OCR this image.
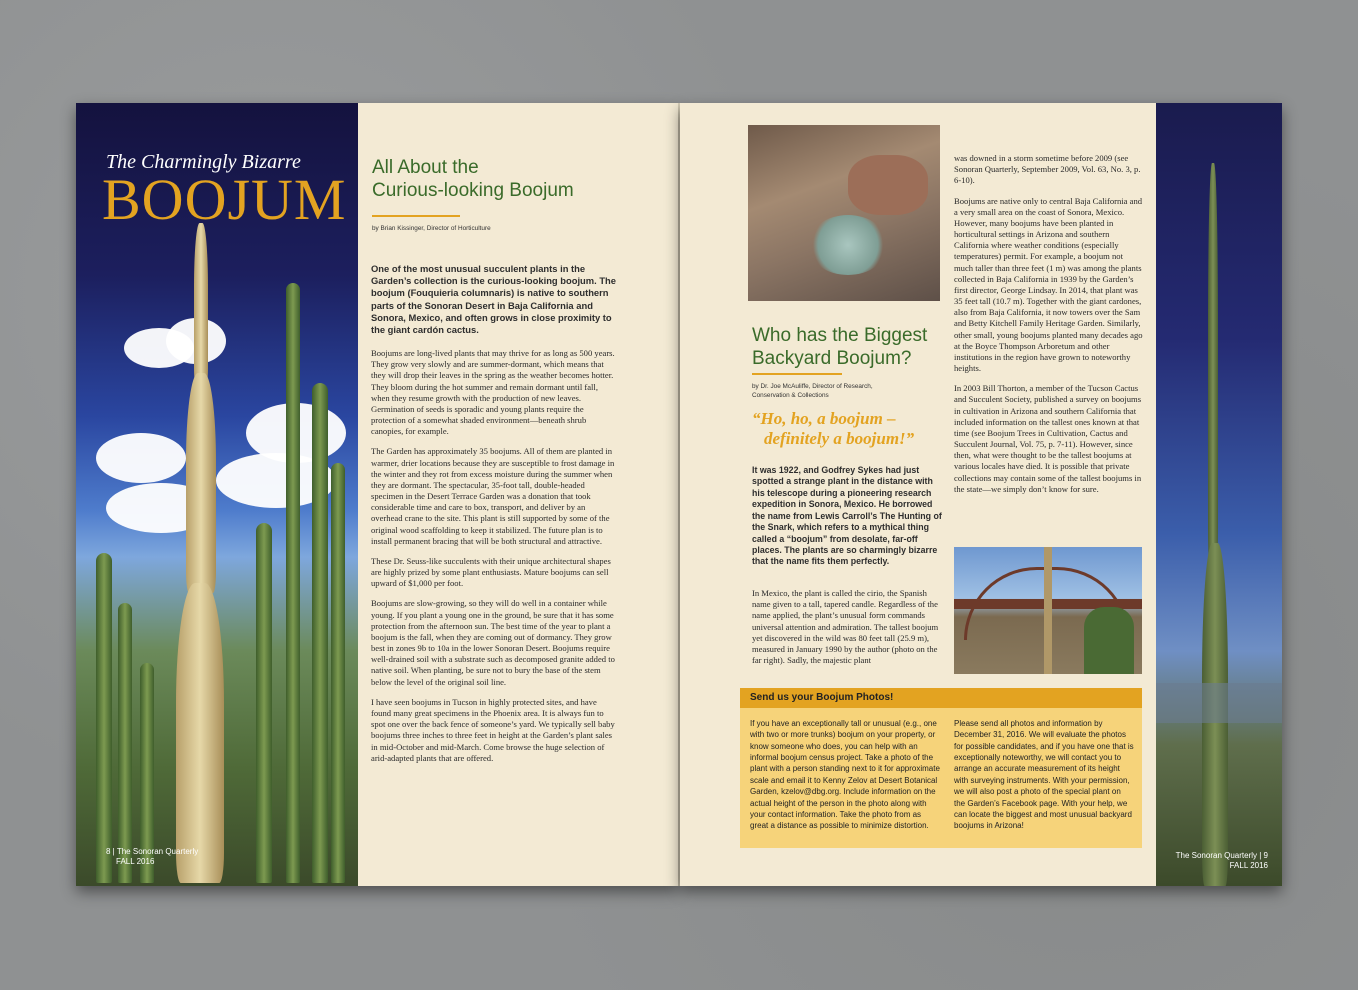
The Charmingly Bizarre
BOOJUM
8 | The Sonoran Quarterly
FALL 2016
All About the
Curious-looking Boojum
by Brian Kissinger, Director of Horticulture
One of the most unusual succulent plants in the Garden’s collection is the curious-looking boojum. The boojum (Fouquieria columnaris) is native to southern parts of the Sonoran Desert in Baja California and Sonora, Mexico, and often grows in close proximity to the giant cardón cactus.

Boojums are long-lived plants that may thrive for as long as 500 years. They grow very slowly and are summer-dormant, which means that they will drop their leaves in the spring as the weather becomes hotter. They bloom during the hot summer and remain dormant until fall, when they resume growth with the production of new leaves. Germination of seeds is sporadic and young plants require the protection of a somewhat shaded environment—beneath shrub canopies, for example.

The Garden has approximately 35 boojums. All of them are planted in warmer, drier locations because they are susceptible to frost damage in the winter and they rot from excess moisture during the summer when they are dormant. The spectacular, 35-foot tall, double-headed specimen in the Desert Terrace Garden was a donation that took considerable time and care to box, transport, and deliver by an overhead crane to the site. This plant is still supported by some of the original wood scaffolding to keep it stabilized. The future plan is to install permanent bracing that will be both structural and attractive.

These Dr. Seuss-like succulents with their unique architectural shapes are highly prized by some plant enthusiasts. Mature boojums can sell upward of $1,000 per foot.

Boojums are slow-growing, so they will do well in a container while young. If you plant a young one in the ground, be sure that it has some protection from the afternoon sun. The best time of the year to plant a boojum is the fall, when they are coming out of dormancy. They grow best in zones 9b to 10a in the lower Sonoran Desert. Boojums require well-drained soil with a substrate such as decomposed granite added to native soil. When planting, be sure not to bury the base of the stem below the level of the original soil line.

I have seen boojums in Tucson in highly protected sites, and have found many great specimens in the Phoenix area. It is always fun to spot one over the back fence of someone’s yard. We typically sell baby boojums three inches to three feet in height at the Garden’s plant sales in mid-October and mid-March. Come browse the huge selection of arid-adapted plants that are offered.

Who has the Biggest
Backyard Boojum?
by Dr. Joe McAuliffe, Director of Research,
Conservation & Collections
“Ho, ho, a boojum –
definitely a boojum!”
It was 1922, and Godfrey Sykes had just spotted a strange plant in the distance with his telescope during a pioneering research expedition in Sonora, Mexico. He borrowed the name from Lewis Carroll’s The Hunting of the Snark, which refers to a mythical thing called a “boojum” from desolate, far-off places. The plants are so charmingly bizarre that the name fits them perfectly.
In Mexico, the plant is called the cirio, the Spanish name given to a tall, tapered candle. Regardless of the name applied, the plant’s unusual form commands universal attention and admiration. The tallest boojum yet discovered in the wild was 80 feet tall (25.9 m), measured in January 1990 by the author (photo on the far right). Sadly, the majestic plant

was downed in a storm sometime before 2009 (see Sonoran Quarterly, September 2009, Vol. 63, No. 3, p. 6-10).

Boojums are native only to central Baja California and a very small area on the coast of Sonora, Mexico. However, many boojums have been planted in horticultural settings in Arizona and southern California where weather conditions (especially temperatures) permit. For example, a boojum not much taller than three feet (1 m) was among the plants collected in Baja California in 1939 by the Garden’s first director, George Lindsay. In 2014, that plant was 35 feet tall (10.7 m). Together with the giant cardones, also from Baja California, it now towers over the Sam and Betty Kitchell Family Heritage Garden. Similarly, other small, young boojums planted many decades ago at the Boyce Thompson Arboretum and other institutions in the region have grown to noteworthy heights.

In 2003 Bill Thorton, a member of the Tucson Cactus and Succulent Society, published a survey on boojums in cultivation in Arizona and southern California that included information on the tallest ones known at that time (see Boojum Trees in Cultivation, Cactus and Succulent Journal, Vol. 75, p. 7-11). However, since then, what were thought to be the tallest boojums at various locales have died. It is possible that private collections may contain some of the tallest boojums in the state—we simply don’t know for sure.

Send us your Boojum Photos!
If you have an exceptionally tall or unusual (e.g., one with two or more trunks) boojum on your property, or know someone who does, you can help with an informal boojum census project. Take a photo of the plant with a person standing next to it for approximate scale and email it to Kenny Zelov at Desert Botanical Garden, kzelov@dbg.org. Include information on the actual height of the person in the photo along with your contact information. Take the photo from as great a distance as possible to minimize distortion.
Please send all photos and information by December 31, 2016. We will evaluate the photos for possible candidates, and if you have one that is exceptionally noteworthy, we will contact you to arrange an accurate measurement of its height with surveying instruments. With your permission, we will also post a photo of the special plant on the Garden’s Facebook page. With your help, we can locate the biggest and most unusual backyard boojums in Arizona!
The Sonoran Quarterly | 9
FALL 2016
